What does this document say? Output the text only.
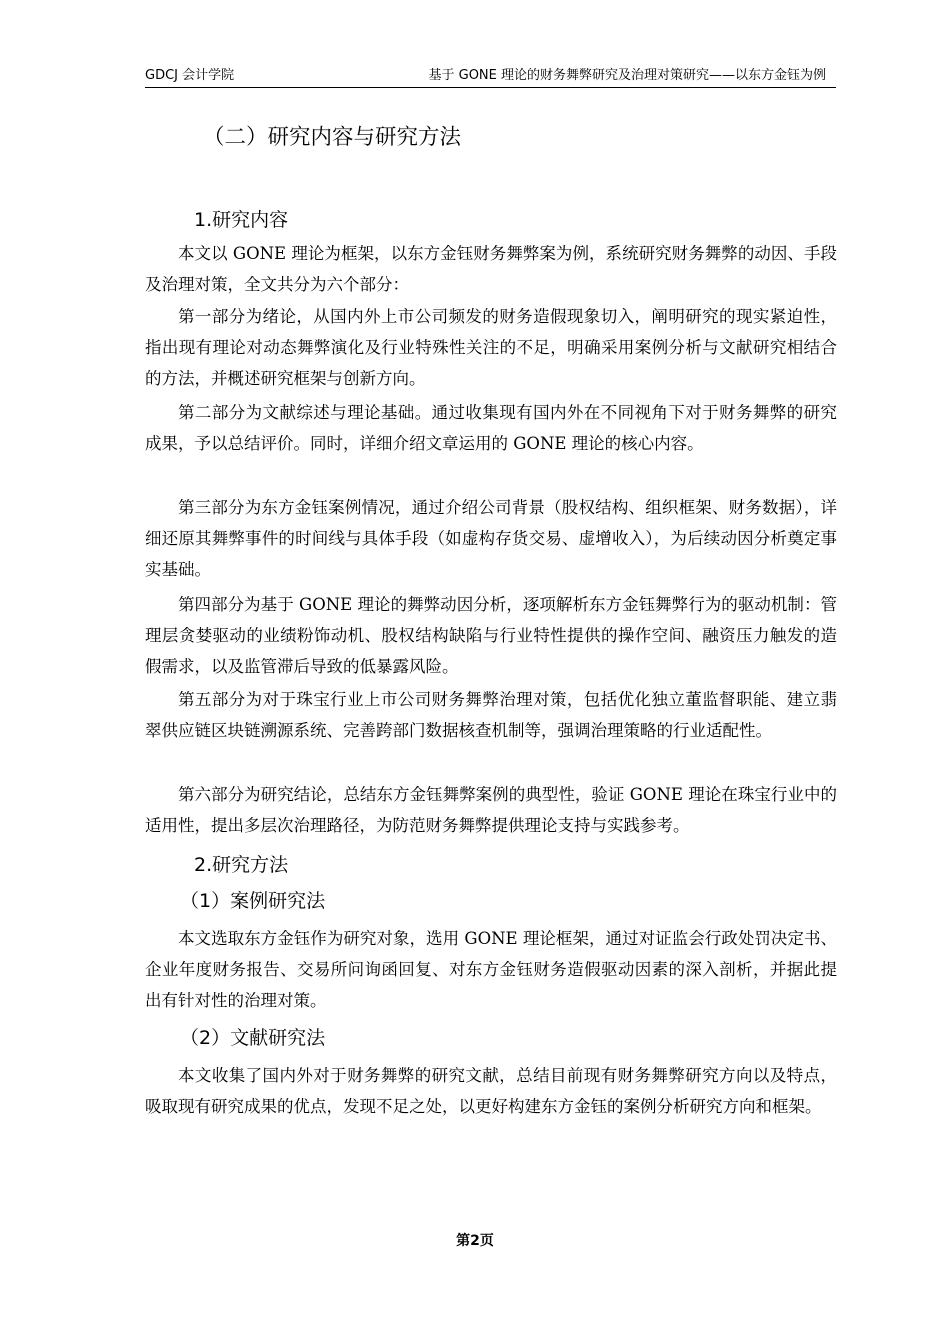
GDCJ 会计学院	基于 GONE 理论的财务舞弊研究及治理对策研究——以东方金钰为例
（二）研究内容与研究方法
1.研究内容

本文以 GONE 理论为框架，以东方金钰财务舞弊案为例，系统研究财务舞弊的动因、手段及治理对策，全文共分为六个部分：

第一部分为绪论，从国内外上市公司频发的财务造假现象切入，阐明研究的现实紧迫性，指出现有理论对动态舞弊演化及行业特殊性关注的不足，明确采用案例分析与文献研究相结合的方法，并概述研究框架与创新方向。

第二部分为文献综述与理论基础。通过收集现有国内外在不同视角下对于财务舞弊的研究成果，予以总结评价。同时，详细介绍文章运用的 GONE 理论的核心内容。

第三部分为东方金钰案例情况，通过介绍公司背景（股权结构、组织框架、财务数据），详细还原其舞弊事件的时间线与具体手段（如虚构存货交易、虚增收入），为后续动因分析奠定事实基础。

第四部分为基于 GONE 理论的舞弊动因分析，逐项解析东方金钰舞弊行为的驱动机制：管理层贪婪驱动的业绩粉饰动机、股权结构缺陷与行业特性提供的操作空间、融资压力触发的造假需求，以及监管滞后导致的低暴露风险。

第五部分为对于珠宝行业上市公司财务舞弊治理对策，包括优化独立董监督职能、建立翡翠供应链区块链溯源系统、完善跨部门数据核查机制等，强调治理策略的行业适配性。

第六部分为研究结论，总结东方金钰舞弊案例的典型性，验证 GONE 理论在珠宝行业中的适用性，提出多层次治理路径，为防范财务舞弊提供理论支持与实践参考。

2.研究方法
（1）案例研究法

本文选取东方金钰作为研究对象，选用 GONE 理论框架，通过对证监会行政处罚决定书、企业年度财务报告、交易所问询函回复、对东方金钰财务造假驱动因素的深入剖析，并据此提出有针对性的治理对策。

（2）文献研究法

本文收集了国内外对于财务舞弊的研究文献，总结目前现有财务舞弊研究方向以及特点，吸取现有研究成果的优点，发现不足之处，以更好构建东方金钰的案例分析研究方向和框架。

第2页
